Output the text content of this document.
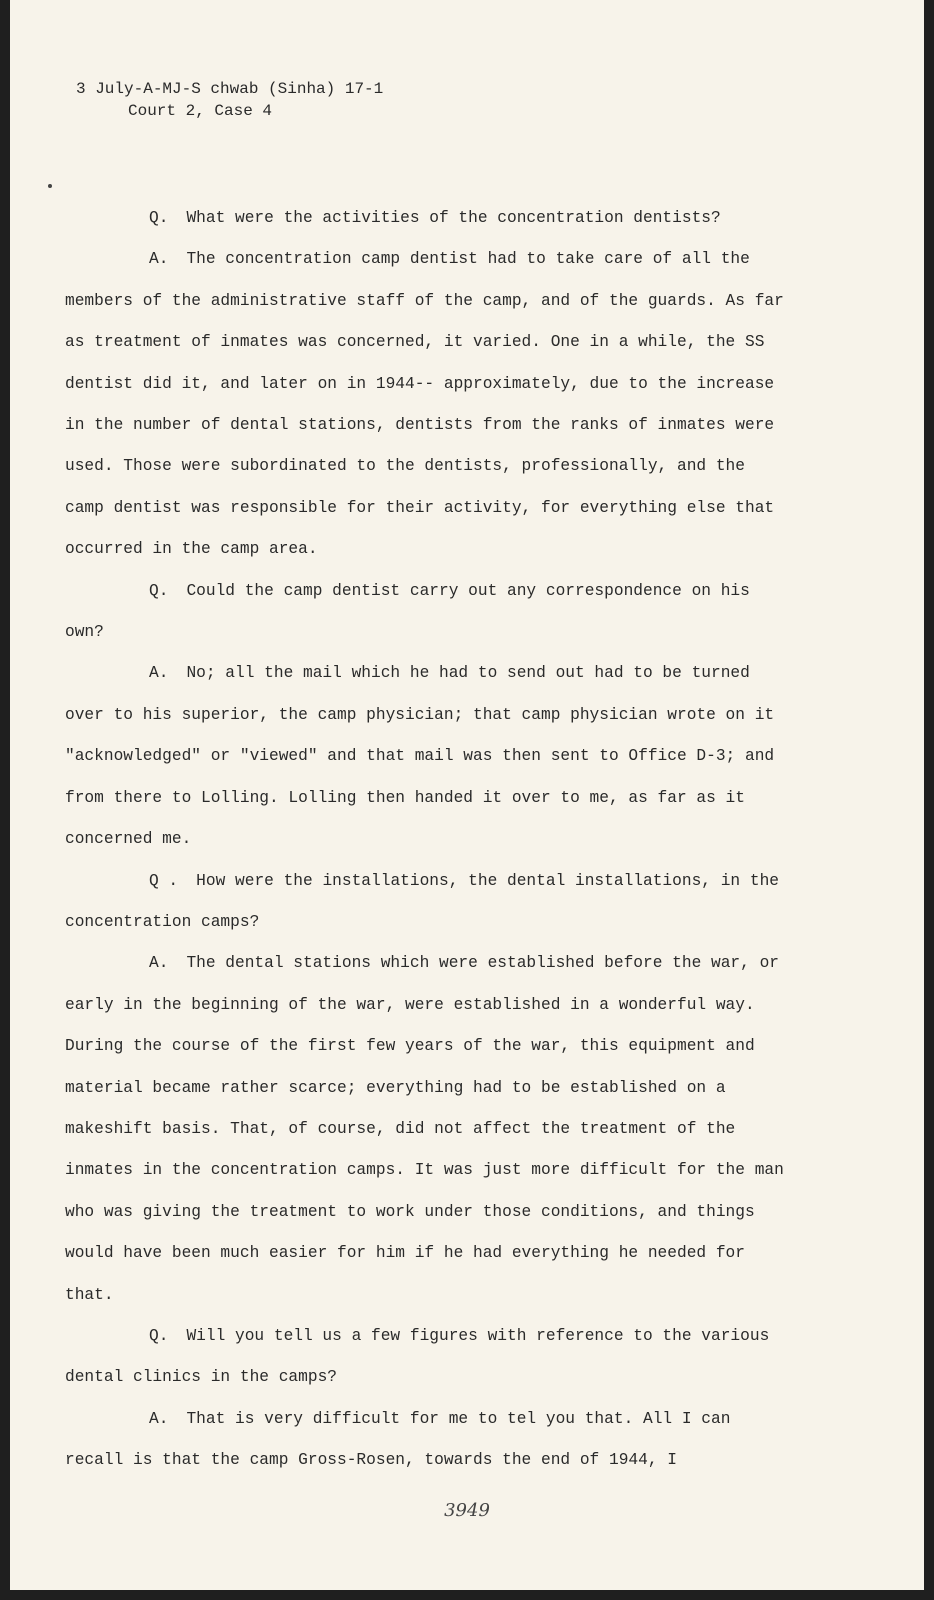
3 July-A-MJ-S chwab (Sinha) 17-1
Court 2, Case 4

Q. What were the activities of the concentration dentists?

A. The concentration camp dentist had to take care of all the members of the administrative staff of the camp, and of the guards. As far as treatment of inmates was concerned, it varied. One in a while, the SS dentist did it, and later on in 1944-- approximately, due to the increase in the number of dental stations, dentists from the ranks of inmates were used. Those were subordinated to the dentists, professionally, and the camp dentist was responsible for their activity, for everything else that occurred in the camp area.

Q. Could the camp dentist carry out any correspondence on his own?

A. No; all the mail which he had to send out had to be turned over to his superior, the camp physician; that camp physician wrote on it "acknowledged" or "viewed" and that mail was then sent to Office D-3; and from there to Lolling. Lolling then handed it over to me, as far as it concerned me.

Q . How were the installations, the dental installations, in the concentration camps?

A. The dental stations which were established before the war, or early in the beginning of the war, were established in a wonderful way. During the course of the first few years of the war, this equipment and material became rather scarce; everything had to be established on a makeshift basis. That, of course, did not affect the treatment of the inmates in the concentration camps. It was just more difficult for the man who was giving the treatment to work under those conditions, and things would have been much easier for him if he had everything he needed for that.

Q. Will you tell us a few figures with reference to the various dental clinics in the camps?

A. That is very difficult for me to tel you that. All I can recall is that the camp Gross-Rosen, towards the end of 1944, I

3949
